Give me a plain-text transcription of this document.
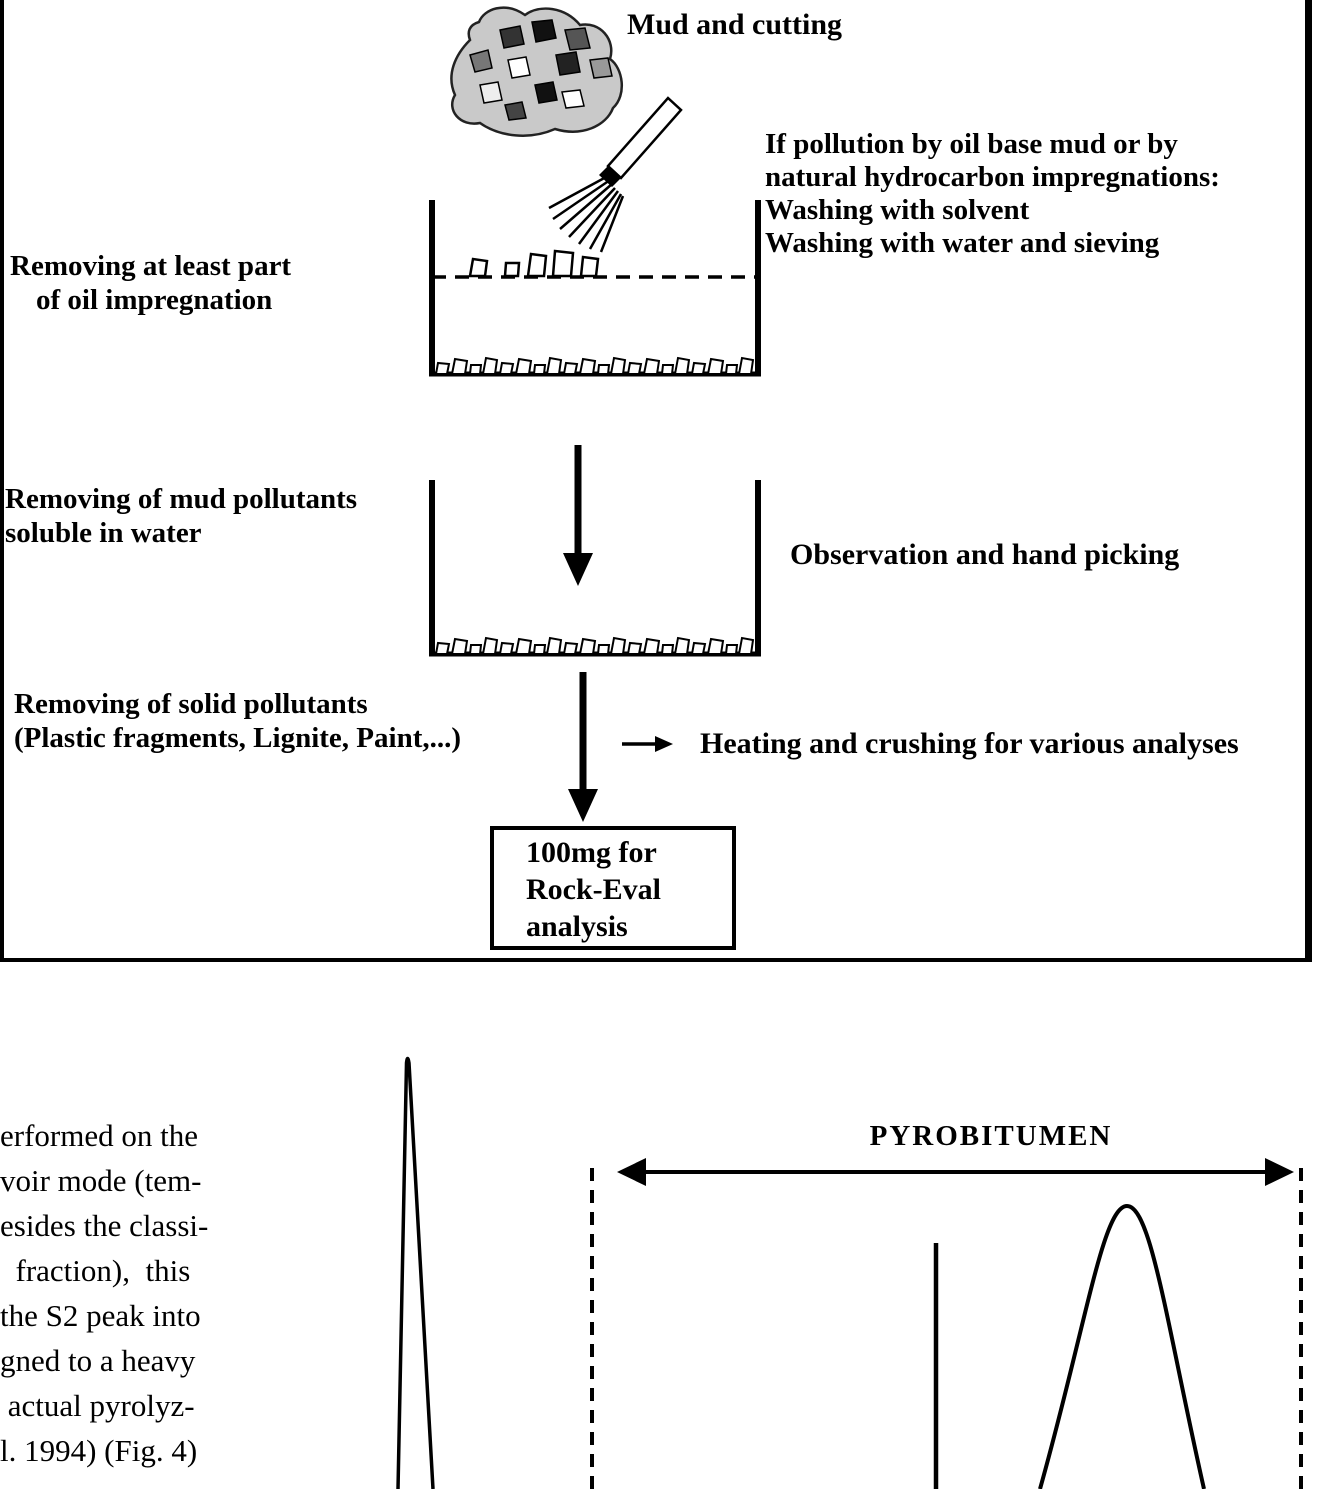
Mud and cutting
If pollution by oil base mud or by
natural hydrocarbon impregnations:
Washing with solvent
Washing with water and sieving
Removing at least part
of oil impregnation
Removing of mud pollutants
soluble in water
Observation and hand picking
Removing of solid pollutants
(Plastic fragments, Lignite, Paint,...)	Heating and crushing for various analyses
100mg for
Rock-Eval
analysis
erformed on the
voir mode (tem-
esides the classi-
fraction),  this
the S2 peak into
gned to a heavy
actual pyrolyz-
l. 1994) (Fig. 4)
PYROBITUMEN
